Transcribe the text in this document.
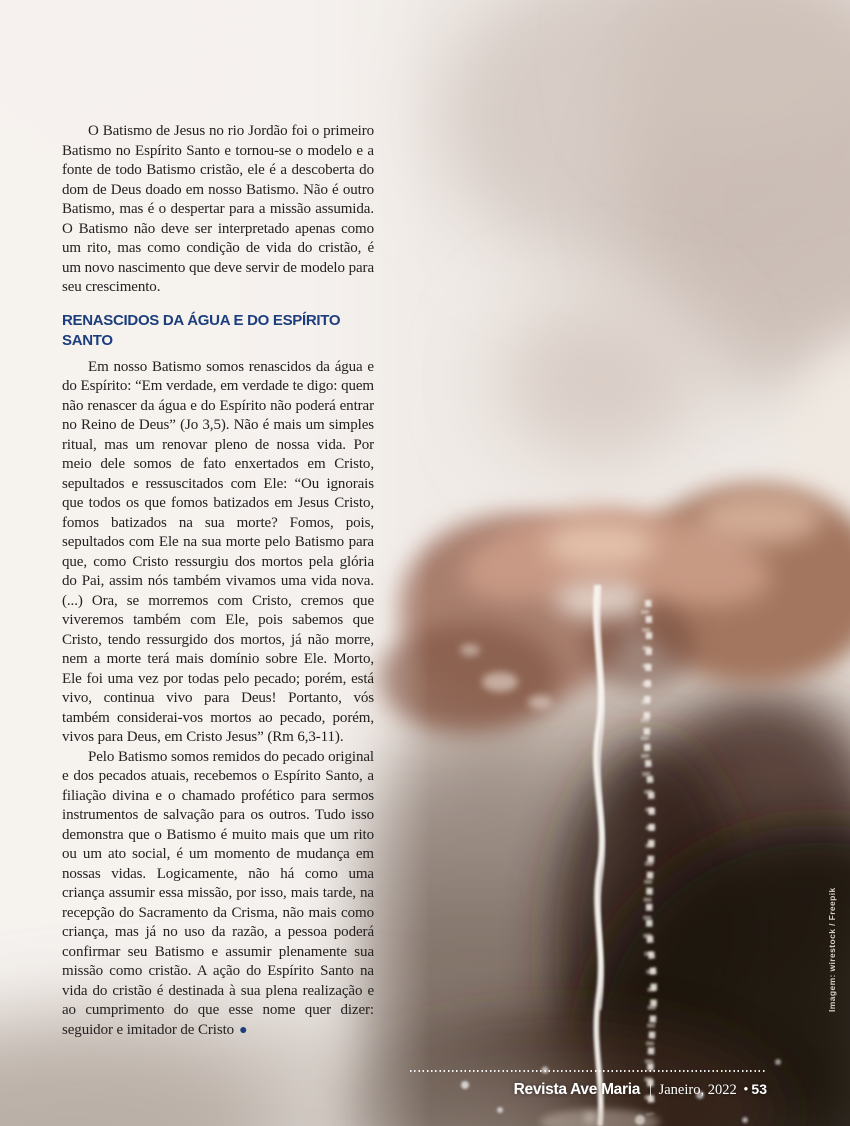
O Batismo de Jesus no rio Jordão foi o primeiro Batismo no Espírito Santo e tornou-se o modelo e a fonte de todo Batismo cristão, ele é a descoberta do dom de Deus doado em nosso Batismo. Não é outro Batismo, mas é o despertar para a missão assumida. O Batismo não deve ser interpretado apenas como um rito, mas como condição de vida do cristão, é um novo nascimento que deve servir de modelo para seu crescimento.

RENASCIDOS DA ÁGUA E DO ESPÍRITO SANTO

Em nosso Batismo somos renascidos da água e do Espírito: “Em verdade, em verdade te digo: quem não renascer da água e do Espírito não poderá entrar no Reino de Deus” (Jo 3,5). Não é mais um simples ritual, mas um renovar pleno de nossa vida. Por meio dele somos de fato enxertados em Cristo, sepultados e ressuscitados com Ele: “Ou ignorais que todos os que fomos batizados em Jesus Cristo, fomos batizados na sua morte? Fomos, pois, sepultados com Ele na sua morte pelo Batismo para que, como Cristo ressurgiu dos mortos pela glória do Pai, assim nós também vivamos uma vida nova. (...) Ora, se morremos com Cristo, cremos que viveremos também com Ele, pois sabemos que Cristo, tendo ressurgido dos mortos, já não morre, nem a morte terá mais domínio sobre Ele. Morto, Ele foi uma vez por todas pelo pecado; porém, está vivo, continua vivo para Deus! Portanto, vós também considerai-vos mortos ao pecado, porém, vivos para Deus, em Cristo Jesus” (Rm 6,3-11).

Pelo Batismo somos remidos do pecado original e dos pecados atuais, recebemos o Espírito Santo, a filiação divina e o chamado profético para sermos instrumentos de salvação para os outros. Tudo isso demonstra que o Batismo é muito mais que um rito ou um ato social, é um momento de mudança em nossas vidas. Logicamente, não há como uma criança assumir essa missão, por isso, mais tarde, na recepção do Sacramento da Crisma, não mais como criança, mas já no uso da razão, a pessoa poderá confirmar seu Batismo e assumir plenamente sua missão como cristão. A ação do Espírito Santo na vida do cristão é destinada à sua plena realização e ao cumprimento do que esse nome quer dizer: seguidor e imitador de Cristo ●

Revista Ave Maria | Janeiro, 2022 • 53
Imagem: wirestock / Freepik
